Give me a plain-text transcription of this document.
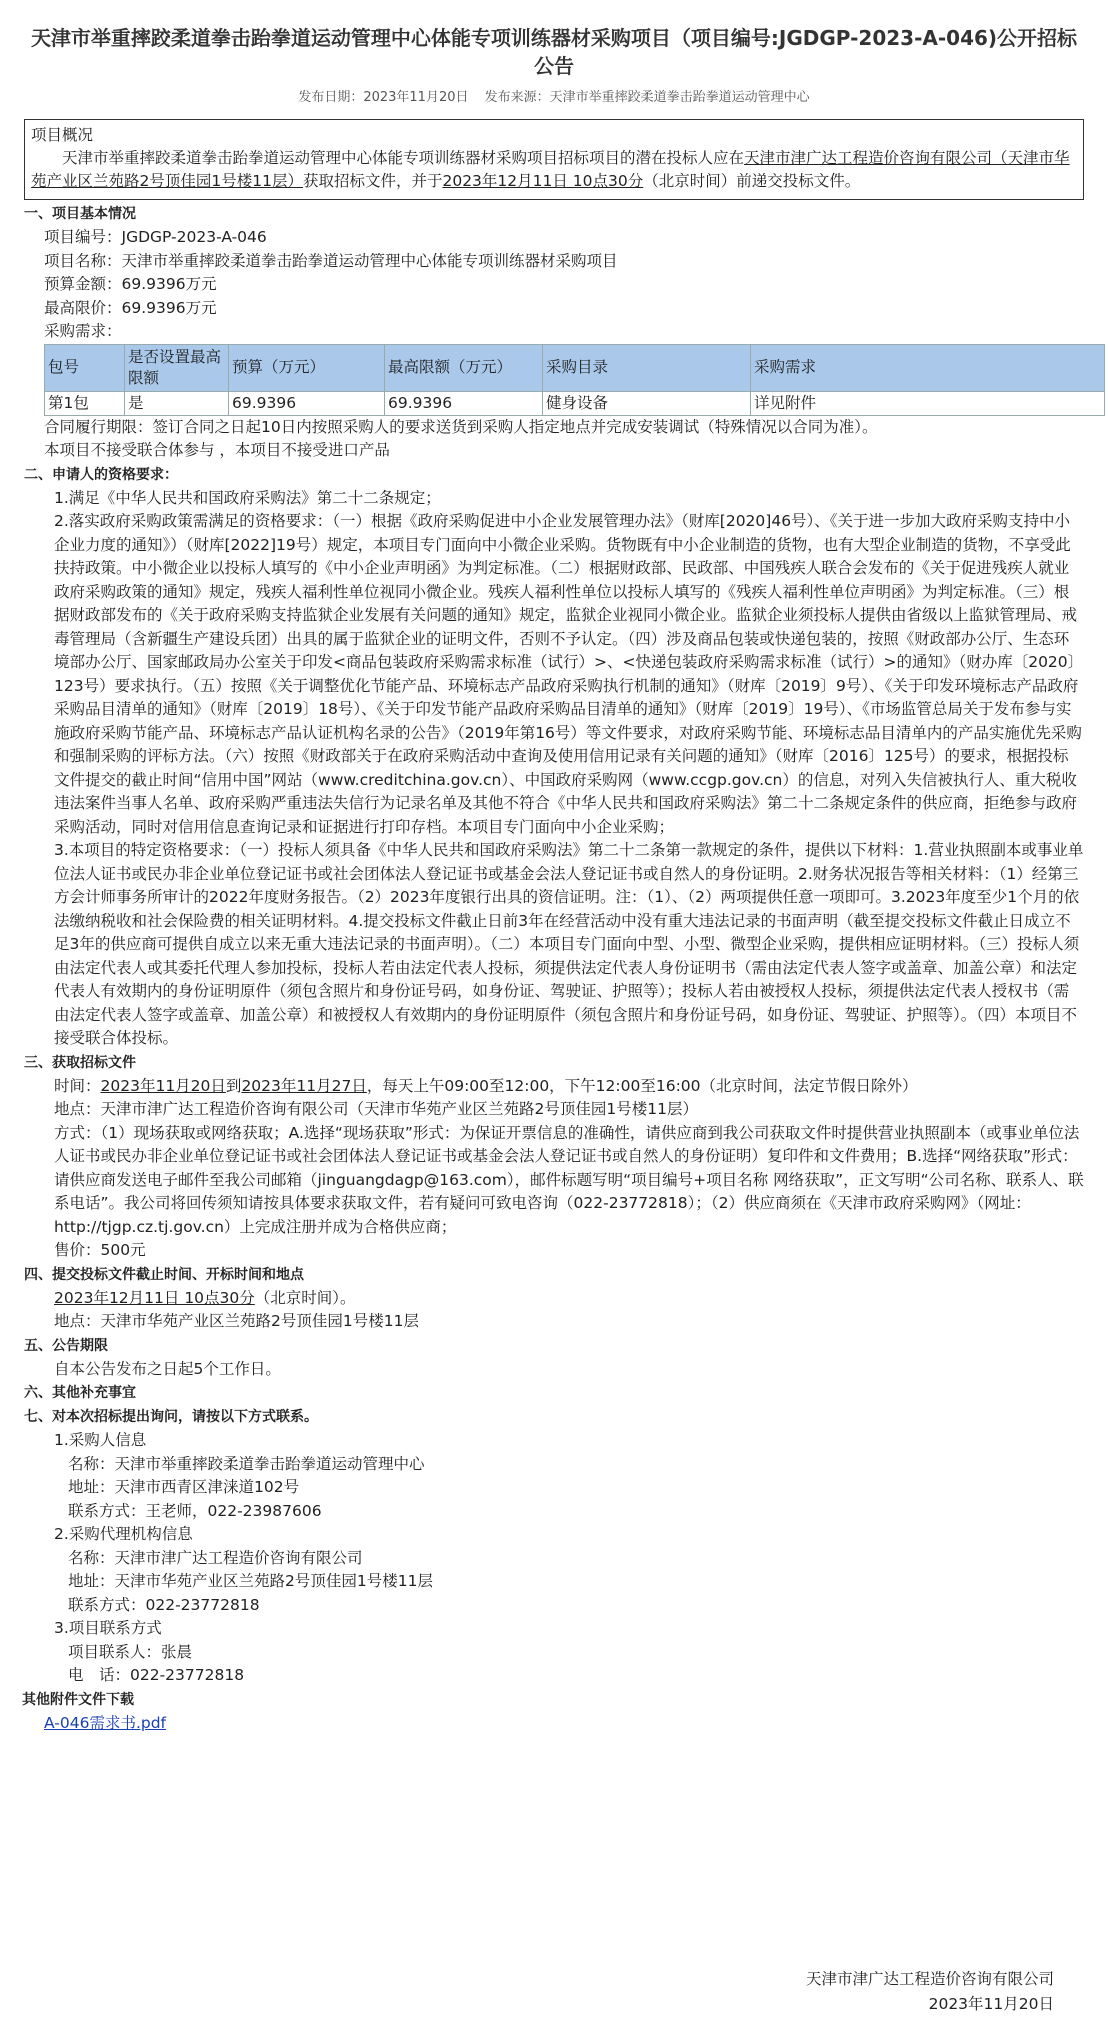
天津市举重摔跤柔道拳击跆拳道运动管理中心体能专项训练器材采购项目（项目编号:JGDGP-2023-A-046)公开招标公告
发布日期：2023年11月20日 发布来源：天津市举重摔跤柔道拳击跆拳道运动管理中心
项目概况
天津市举重摔跤柔道拳击跆拳道运动管理中心体能专项训练器材采购项目招标项目的潜在投标人应在天津市津广达工程造价咨询有限公司（天津市华苑产业区兰苑路2号顶佳园1号楼11层）获取招标文件，并于2023年12月11日 10点30分（北京时间）前递交投标文件。
一、项目基本情况
项目编号：JGDGP-2023-A-046
项目名称：天津市举重摔跤柔道拳击跆拳道运动管理中心体能专项训练器材采购项目
预算金额：69.9396万元
最高限价：69.9396万元
采购需求：
包号	是否设置最高限额	预算（万元）	最高限额（万元）	采购目录	采购需求
第1包	是	69.9396	69.9396	健身设备	详见附件
合同履行期限：签订合同之日起10日内按照采购人的要求送货到采购人指定地点并完成安装调试（特殊情况以合同为准）。
本项目不接受联合体参与 ，本项目不接受进口产品
二、申请人的资格要求：
1.满足《中华人民共和国政府采购法》第二十二条规定；
2.落实政府采购政策需满足的资格要求：（一）根据《政府采购促进中小企业发展管理办法》（财库[2020]46号）、《关于进一步加大政府采购支持中小企业力度的通知》）（财库[2022]19号）规定，本项目专门面向中小微企业采购。货物既有中小企业制造的货物，也有大型企业制造的货物，不享受此扶持政策。中小微企业以投标人填写的《中小企业声明函》为判定标准。（二）根据财政部、民政部、中国残疾人联合会发布的《关于促进残疾人就业政府采购政策的通知》规定，残疾人福利性单位视同小微企业。残疾人福利性单位以投标人填写的《残疾人福利性单位声明函》为判定标准。（三）根据财政部发布的《关于政府采购支持监狱企业发展有关问题的通知》规定，监狱企业视同小微企业。监狱企业须投标人提供由省级以上监狱管理局、戒毒管理局（含新疆生产建设兵团）出具的属于监狱企业的证明文件，否则不予认定。（四）涉及商品包装或快递包装的，按照《财政部办公厅、生态环境部办公厅、国家邮政局办公室关于印发<商品包装政府采购需求标准（试行）>、<快递包装政府采购需求标准（试行）>的通知》（财办库〔2020〕123号）要求执行。（五）按照《关于调整优化节能产品、环境标志产品政府采购执行机制的通知》（财库〔2019〕9号）、《关于印发环境标志产品政府采购品目清单的通知》（财库〔2019〕18号）、《关于印发节能产品政府采购品目清单的通知》（财库〔2019〕19号）、《市场监管总局关于发布参与实施政府采购节能产品、环境标志产品认证机构名录的公告》（2019年第16号）等文件要求，对政府采购节能、环境标志品目清单内的产品实施优先采购和强制采购的评标方法。（六）按照《财政部关于在政府采购活动中查询及使用信用记录有关问题的通知》（财库〔2016〕125号）的要求，根据投标文件提交的截止时间“信用中国”网站（www.creditchina.gov.cn）、中国政府采购网（www.ccgp.gov.cn）的信息，对列入失信被执行人、重大税收违法案件当事人名单、政府采购严重违法失信行为记录名单及其他不符合《中华人民共和国政府采购法》第二十二条规定条件的供应商，拒绝参与政府采购活动，同时对信用信息查询记录和证据进行打印存档。本项目专门面向中小企业采购；
3.本项目的特定资格要求：（一）投标人须具备《中华人民共和国政府采购法》第二十二条第一款规定的条件，提供以下材料：1.营业执照副本或事业单位法人证书或民办非企业单位登记证书或社会团体法人登记证书或基金会法人登记证书或自然人的身份证明。2.财务状况报告等相关材料：（1）经第三方会计师事务所审计的2022年度财务报告。（2）2023年度银行出具的资信证明。注：（1）、（2）两项提供任意一项即可。3.2023年度至少1个月的依法缴纳税收和社会保险费的相关证明材料。4.提交投标文件截止日前3年在经营活动中没有重大违法记录的书面声明（截至提交投标文件截止日成立不足3年的供应商可提供自成立以来无重大违法记录的书面声明）。（二）本项目专门面向中型、小型、微型企业采购，提供相应证明材料。（三）投标人须由法定代表人或其委托代理人参加投标，投标人若由法定代表人投标，须提供法定代表人身份证明书（需由法定代表人签字或盖章、加盖公章）和法定代表人有效期内的身份证明原件（须包含照片和身份证号码，如身份证、驾驶证、护照等）；投标人若由被授权人投标，须提供法定代表人授权书（需由法定代表人签字或盖章、加盖公章）和被授权人有效期内的身份证明原件（须包含照片和身份证号码，如身份证、驾驶证、护照等）。（四）本项目不接受联合体投标。
三、获取招标文件
时间：2023年11月20日到2023年11月27日，每天上午09:00至12:00，下午12:00至16:00（北京时间，法定节假日除外）
地点：天津市津广达工程造价咨询有限公司（天津市华苑产业区兰苑路2号顶佳园1号楼11层）
方式：（1）现场获取或网络获取；A.选择“现场获取”形式：为保证开票信息的准确性，请供应商到我公司获取文件时提供营业执照副本（或事业单位法人证书或民办非企业单位登记证书或社会团体法人登记证书或基金会法人登记证书或自然人的身份证明）复印件和文件费用；B.选择“网络获取”形式：请供应商发送电子邮件至我公司邮箱（jinguangdagp@163.com），邮件标题写明“项目编号+项目名称 网络获取”，正文写明“公司名称、联系人、联系电话”。我公司将回传须知请按具体要求获取文件，若有疑问可致电咨询（022-23772818）；（2）供应商须在《天津市政府采购网》（网址：http://tjgp.cz.tj.gov.cn）上完成注册并成为合格供应商；
售价：500元
四、提交投标文件截止时间、开标时间和地点
2023年12月11日 10点30分（北京时间）。
地点：天津市华苑产业区兰苑路2号顶佳园1号楼11层
五、公告期限
自本公告发布之日起5个工作日。
六、其他补充事宜
七、对本次招标提出询问，请按以下方式联系。
1.采购人信息
名称：天津市举重摔跤柔道拳击跆拳道运动管理中心
地址：天津市西青区津涞道102号
联系方式：王老师，022-23987606
2.采购代理机构信息
名称：天津市津广达工程造价咨询有限公司
地址：天津市华苑产业区兰苑路2号顶佳园1号楼11层
联系方式：022-23772818
3.项目联系方式
项目联系人：张晨
电　话：022-23772818
其他附件文件下载
A-046需求书.pdf
天津市津广达工程造价咨询有限公司
2023年11月20日
